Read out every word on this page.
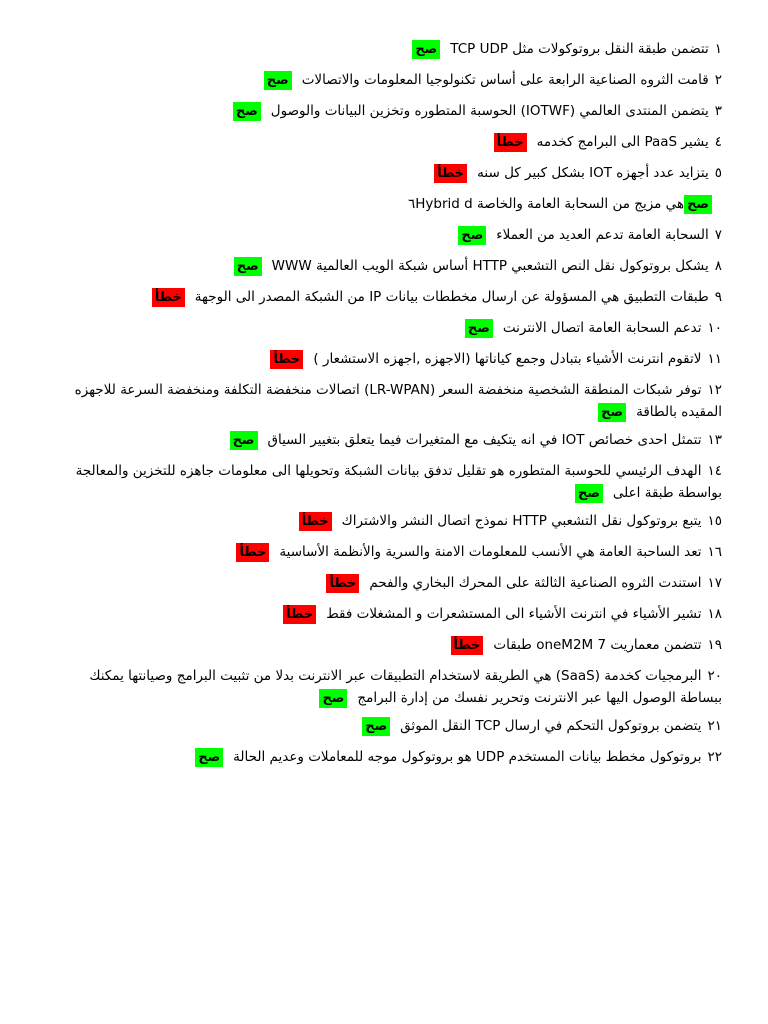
١تتضمن طبقة النقل بروتوكولات مثل TCP UDPصح
٢قامت الثروه الصناعية الرابعة على أساس تكنولوجيا المعلومات والاتصالاتصح
٣يتضمن المنتدى العالمي (IOTWF) الحوسبة المتطوره وتخزين البيانات والوصولصح
٤يشير PaaS الى البرامج كخدمهخطأ
٥يتزايد عدد أجهزه IOT بشكل كبير كل سنهخطأ
٦Hybrid d هي مزيج من السحابة العامة والخاصة صح
٧السحابة العامة تدعم العديد من العملاءصح
٨يشكل بروتوكول نقل النص التشعبي HTTP أساس شبكة الويب العالمية WWWصح
٩طبقات التطبيق هي المسؤولة عن ارسال مخططات بيانات IP من الشبكة المصدر الى الوجهةخطأ
١٠تدعم السحابة العامة اتصال الانترنتصح
١١لاتقوم انترنت الأشياء بتبادل وجمع كياناتها (الاجهزه ,اجهزه الاستشعار )خطأ
١٢توفر شبكات المنطقة الشخصية منخفضة السعر (LR-WPAN) اتصالات منخفضة التكلفة ومنخفضة السرعة للاجهزه المقيده بالطاقةصح
١٣تتمثل احدى خصائص IOT في انه يتكيف مع المتغيرات فيما يتعلق بتغيير السياقصح
١٤الهدف الرئيسي للحوسبة المتطوره هو تقليل تدفق بيانات الشبكة وتحويلها الى معلومات جاهزه للتخزين والمعالجة بواسطة طبقة اعلىصح
١٥يتبع بروتوكول نقل التشعبي HTTP نموذج اتصال النشر والاشتراكخطأ
١٦تعد الساحبة العامة هي الأنسب للمعلومات الامنة والسرية والأنظمة الأساسيةخطأ
١٧استندت الثروه الصناعية الثالثة على المحرك البخاري والفحمخطأ
١٨تشير الأشياء في انترنت الأشياء الى المستشعرات و المشغلات فقطخطأ
١٩تتضمن معماريت oneM2M 7 طبقاتخطأ
٢٠البرمجيات كخدمة (SaaS) هي الطريقة لاستخدام التطبيقات عبر الانترنت بدلا من تثبيت البرامج وصيانتها يمكنك ببساطة الوصول اليها عبر الانترنت وتحرير نفسك من إدارة البرامجصح
٢١يتضمن بروتوكول التحكم في ارسال TCP النقل الموثقصح
٢٢بروتوكول مخطط بيانات المستخدم UDP هو بروتوكول موجه للمعاملات وعديم الحالةصح
